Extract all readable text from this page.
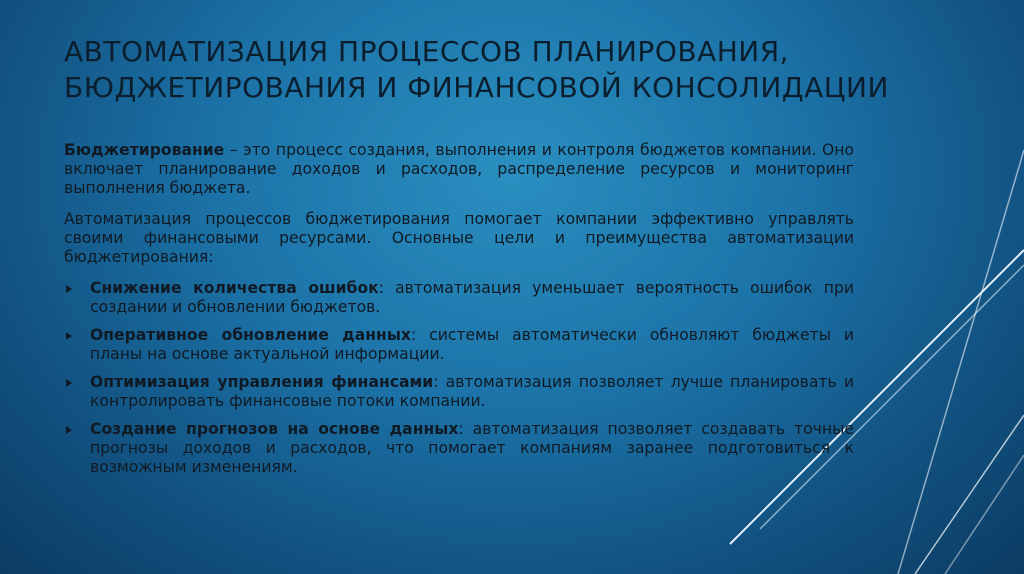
АВТОМАТИЗАЦИЯ ПРОЦЕССОВ ПЛАНИРОВАНИЯ,
БЮДЖЕТИРОВАНИЯ И ФИНАНСОВОЙ КОНСОЛИДАЦИИ

Бюджетирование – это процесс создания, выполнения и контроля бюджетов компании. Оно включает планирование доходов и расходов, распределение ресурсов и мониторинг выполнения бюджета.

Автоматизация процессов бюджетирования помогает компании эффективно управлять своими финансовыми ресурсами. Основные цели и преимущества автоматизации бюджетирования:

Снижение количества ошибок: автоматизация уменьшает вероятность ошибок при создании и обновлении бюджетов.
Оперативное обновление данных: системы автоматически обновляют бюджеты и планы на основе актуальной информации.
Оптимизация управления финансами: автоматизация позволяет лучше планировать и контролировать финансовые потоки компании.
Создание прогнозов на основе данных: автоматизация позволяет создавать точные прогнозы доходов и расходов, что помогает компаниям заранее подготовиться к возможным изменениям.
